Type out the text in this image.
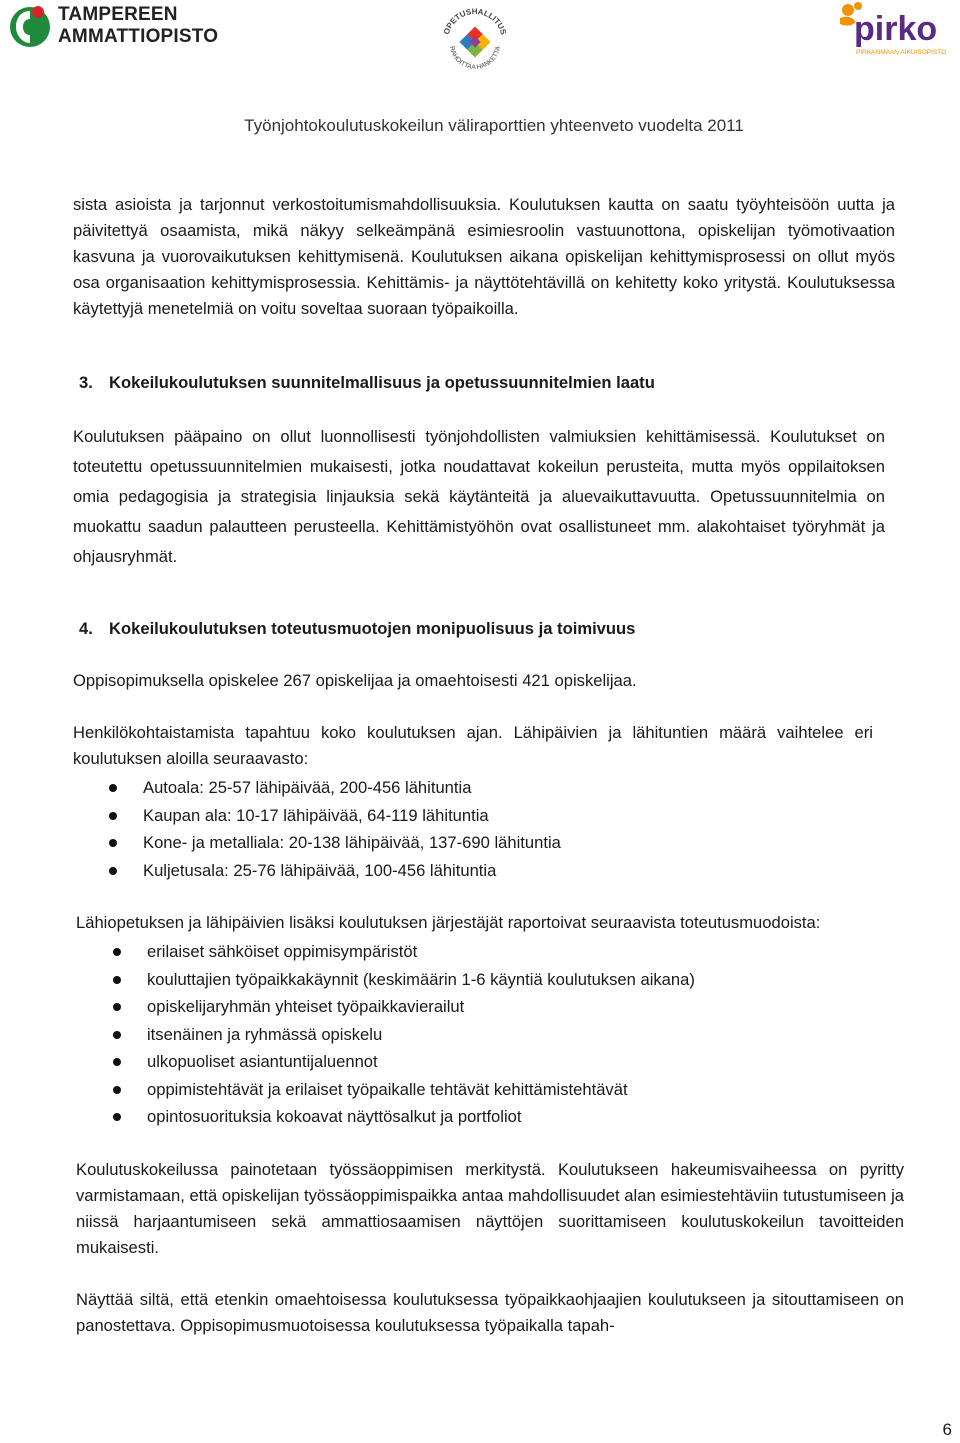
TAMPEREEN AMMATTIOPISTO	OPETUSHALLITUS
RAHOITTAA HANKETTA
pirko
PIRKANMAAN AIKUISOPISTO
Työnjohtokoulutuskokeilun väliraporttien yhteenveto vuodelta 2011

sista asioista ja tarjonnut verkostoitumismahdollisuuksia. Koulutuksen kautta on saatu työyhteisöön uutta ja päivitettyä osaamista, mikä näkyy selkeämpänä esimiesroolin vastuunottona, opiskelijan työmotivaation kasvuna ja vuorovaikutuksen kehittymisenä. Koulutuksen aikana opiskelijan kehittymisprosessi on ollut myös osa organisaation kehittymisprosessia. Kehittämis- ja näyttötehtävillä on kehitetty koko yritystä. Koulutuksessa käytettyjä menetelmiä on voitu soveltaa suoraan työpaikoilla.

3. Kokeilukoulutuksen suunnitelmallisuus ja opetussuunnitelmien laatu

Koulutuksen pääpaino on ollut luonnollisesti työnjohdollisten valmiuksien kehittämisessä. Koulutukset on toteutettu opetussuunnitelmien mukaisesti, jotka noudattavat kokeilun perusteita, mutta myös oppilaitoksen omia pedagogisia ja strategisia linjauksia sekä käytänteitä ja aluevaikuttavuutta. Opetussuunnitelmia on muokattu saadun palautteen perusteella. Kehittämistyöhön ovat osallistuneet mm. alakohtaiset työryhmät ja ohjausryhmät.

4. Kokeilukoulutuksen toteutusmuotojen monipuolisuus ja toimivuus

Oppisopimuksella opiskelee 267 opiskelijaa ja omaehtoisesti 421 opiskelijaa.

Henkilökohtaistamista tapahtuu koko koulutuksen ajan. Lähipäivien ja lähituntien määrä vaihtelee eri koulutuksen aloilla seuraavasto:

Autoala: 25-57 lähipäivää, 200-456 lähituntia
Kaupan ala: 10-17 lähipäivää, 64-119 lähituntia
Kone- ja metalliala: 20-138 lähipäivää, 137-690 lähituntia
Kuljetusala: 25-76 lähipäivää, 100-456 lähituntia

Lähiopetuksen ja lähipäivien lisäksi koulutuksen järjestäjät raportoivat seuraavista toteutusmuodoista:

erilaiset sähköiset oppimisympäristöt
kouluttajien työpaikkakäynnit (keskimäärin 1-6 käyntiä koulutuksen aikana)
opiskelijaryhmän yhteiset työpaikkavierailut
itsenäinen ja ryhmässä opiskelu
ulkopuoliset asiantuntijaluennot
oppimistehtävät ja erilaiset työpaikalle tehtävät kehittämistehtävät
opintosuorituksia kokoavat näyttösalkut ja portfoliot

Koulutuskokeilussa painotetaan työssäoppimisen merkitystä. Koulutukseen hakeumisvaiheessa on pyritty varmistamaan, että opiskelijan työssäoppimispaikka antaa mahdollisuudet alan esimiestehtäviin tutustumiseen ja niissä harjaantumiseen sekä ammattiosaamisen näyttöjen suorittamiseen koulutuskokeilun tavoitteiden mukaisesti.

Näyttää siltä, että etenkin omaehtoisessa koulutuksessa työpaikkaohjaajien koulutukseen ja sitouttamiseen on panostettava. Oppisopimusmuotoisessa koulutuksessa työpaikalla tapah-

6
